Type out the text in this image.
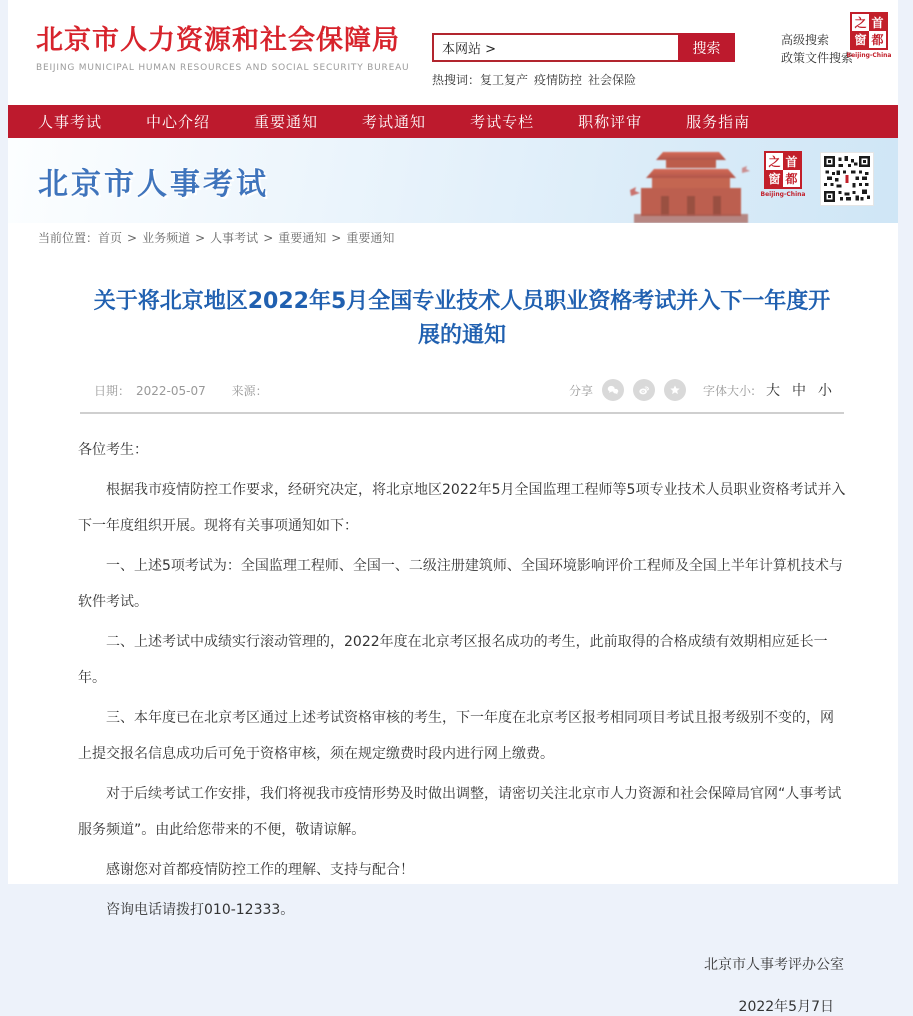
北京市人力资源和社会保障局
BEIJING MUNICIPAL HUMAN RESOURCES AND SOCIAL SECURITY BUREAU
本网站 >
搜索
热搜词：复工复产 疫情防控 社会保险
高级搜索
政策文件搜索
之 首
窗 都
Beijing-China
人事考试	中心介绍	重要通知	考试通知	考试专栏	职称评审	服务指南
北京市人事考试
之 首
窗 都
Beijing-China
当前位置：首页 > 业务频道 > 人事考试 > 重要通知 > 重要通知
关于将北京地区2022年5月全国专业技术人员职业资格考试并入下一年度开展的通知
日期： 2022-05-07 来源：	分享	字体大小: 大 中 小

各位考生：

根据我市疫情防控工作要求，经研究决定，将北京地区2022年5月全国监理工程师等5项专业技术人员职业资格考试并入下一年度组织开展。现将有关事项通知如下：

一、上述5项考试为：全国监理工程师、全国一、二级注册建筑师、全国环境影响评价工程师及全国上半年计算机技术与软件考试。

二、上述考试中成绩实行滚动管理的，2022年度在北京考区报名成功的考生，此前取得的合格成绩有效期相应延长一年。

三、本年度已在北京考区通过上述考试资格审核的考生，下一年度在北京考区报考相同项目考试且报考级别不变的，网上提交报名信息成功后可免于资格审核，须在规定缴费时段内进行网上缴费。

对于后续考试工作安排，我们将视我市疫情形势及时做出调整，请密切关注北京市人力资源和社会保障局官网“人事考试服务频道”。由此给您带来的不便，敬请谅解。

感谢您对首都疫情防控工作的理解、支持与配合！

咨询电话请拨打010-12333。

北京市人事考评办公室
2022年5月7日
